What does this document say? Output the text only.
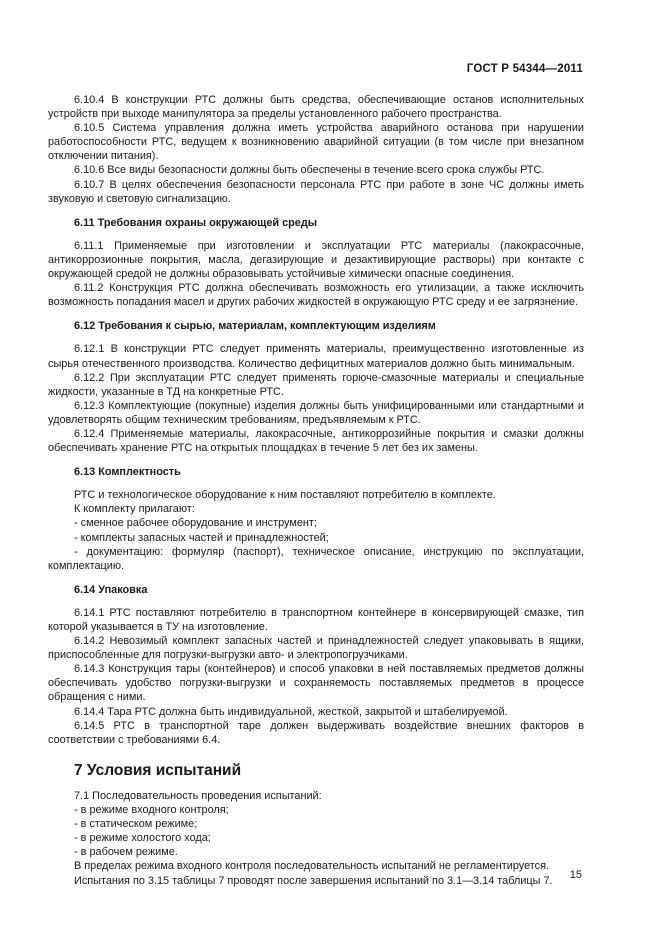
ГОСТ Р 54344—2011

6.10.4 В конструкции РТС должны быть средства, обеспечивающие останов исполнительных устройств при выходе манипулятора за пределы установленного рабочего пространства.

6.10.5 Система управления должна иметь устройства аварийного останова при нарушении работоспособности РТС, ведущем к возникновению аварийной ситуации (в том числе при внезапном отключении питания).

6.10.6 Все виды безопасности должны быть обеспечены в течение всего срока службы РТС.

6.10.7 В целях обеспечения безопасности персонала РТС при работе в зоне ЧС должны иметь звуковую и световую сигнализацию.

6.11 Требования охраны окружающей среды

6.11.1 Применяемые при изготовлении и эксплуатации РТС материалы (лакокрасочные, антикоррозионные покрытия, масла, дегазирующие и дезактивирующие растворы) при контакте с окружающей средой не должны образовывать устойчивые химически опасные соединения.

6.11.2 Конструкция РТС должна обеспечивать возможность его утилизации, а также исключить возможность попадания масел и других рабочих жидкостей в окружающую РТС среду и ее загрязнение.

6.12 Требования к сырью, материалам, комплектующим изделиям

6.12.1 В конструкции РТС следует применять материалы, преимущественно изготовленные из сырья отечественного производства. Количество дефицитных материалов должно быть минимальным.

6.12.2 При эксплуатации РТС следует применять горюче-смазочные материалы и специальные жидкости, указанные в ТД на конкретные РТС.

6.12.3 Комплектующие (покупные) изделия должны быть унифицированными или стандартными и удовлетворять общим техническим требованиям, предъявляемым к РТС.

6.12.4 Применяемые материалы, лакокрасочные, антикоррозийные покрытия и смазки должны обеспечивать хранение РТС на открытых площадках в течение 5 лет без их замены.

6.13 Комплектность

РТС и технологическое оборудование к ним поставляют потребителю в комплекте.

К комплекту прилагают:

- сменное рабочее оборудование и инструмент;

- комплекты запасных частей и принадлежностей;

- документацию: формуляр (паспорт), техническое описание, инструкцию по эксплуатации, комплектацию.

6.14 Упаковка

6.14.1 РТС поставляют потребителю в транспортном контейнере в консервирующей смазке, тип которой указывается в ТУ на изготовление.

6.14.2 Невозимый комплект запасных частей и принадлежностей следует упаковывать в ящики, приспособленные для погрузки-выгрузки авто- и электропогрузчиками.

6.14.3 Конструкция тары (контейнеров) и способ упаковки в ней поставляемых предметов должны обеспечивать удобство погрузки-выгрузки и сохраняемость поставляемых предметов в процессе обращения с ними.

6.14.4 Тара РТС должна быть индивидуальной, жесткой, закрытой и штабелируемой.

6.14.5 РТС в транспортной таре должен выдерживать воздействие внешних факторов в соответствии с требованиями 6.4.

7 Условия испытаний

7.1 Последовательность проведения испытаний:

- в режиме входного контроля;

- в статическом режиме;

- в режиме холостого хода;

- в рабочем режиме.

В пределах режима входного контроля последовательность испытаний не регламентируется.

Испытания по 3.15 таблицы 7 проводят после завершения испытаний по 3.1—3.14 таблицы 7.	15
